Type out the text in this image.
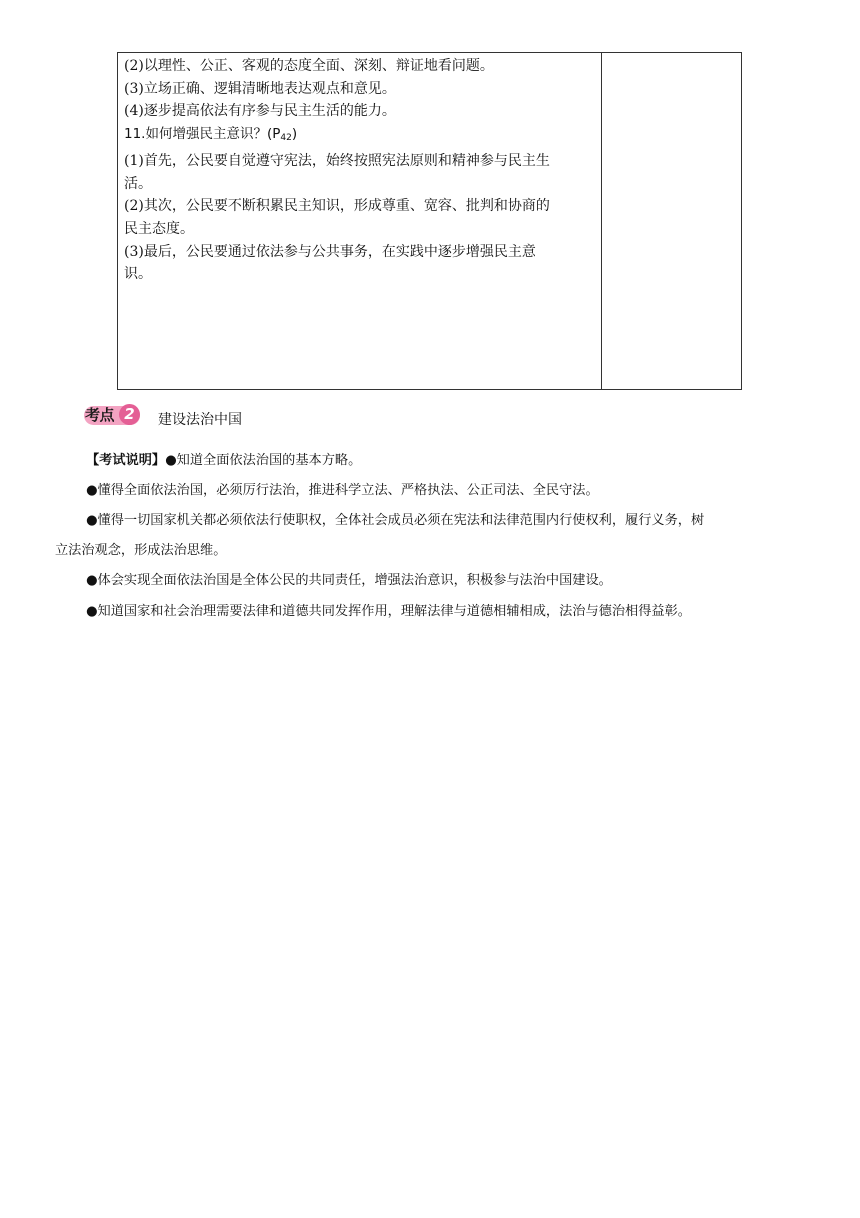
(2)以理性、公正、客观的态度全面、深刻、辩证地看问题。
(3)立场正确、逻辑清晰地表达观点和意见。
(4)逐步提高依法有序参与民主生活的能力。
11.如何增强民主意识？$(P_{42})$
(1)首先，公民要自觉遵守宪法，始终按照宪法原则和精神参与民主生
活。
(2)其次，公民要不断积累民主知识，形成尊重、宽容、批判和协商的
民主态度。
(3)最后，公民要通过依法参与公共事务，在实践中逐步增强民主意
识。
考点 2	建设法治中国
【考试说明】●知道全面依法治国的基本方略。
●懂得全面依法治国，必须厉行法治，推进科学立法、严格执法、公正司法、全民守法。
●懂得一切国家机关都必须依法行使职权，全体社会成员必须在宪法和法律范围内行使权利，履行义务，树
立法治观念，形成法治思维。
●体会实现全面依法治国是全体公民的共同责任，增强法治意识，积极参与法治中国建设。
●知道国家和社会治理需要法律和道德共同发挥作用，理解法律与道德相辅相成，法治与德治相得益彰。
